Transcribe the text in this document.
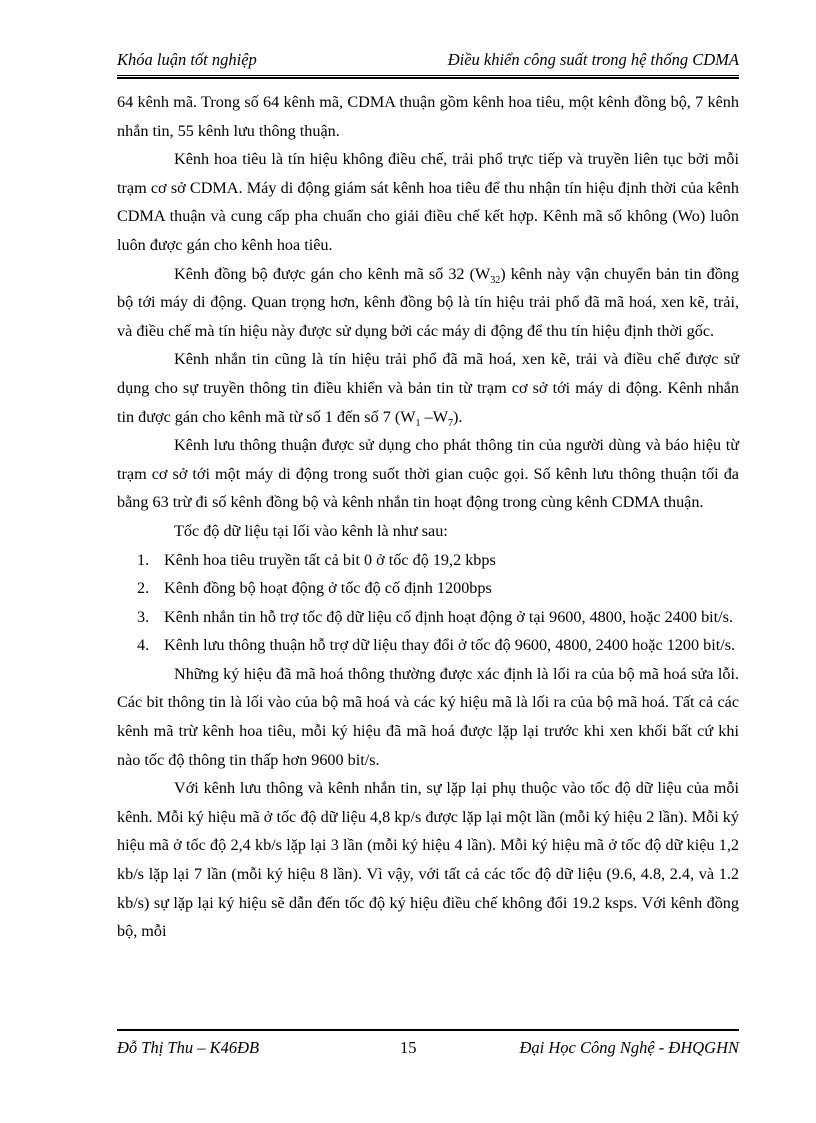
Khóa luận tốt nghiệp	Điều khiển công suất trong hệ thống CDMA

64 kênh mã. Trong số 64 kênh mã, CDMA thuận gồm kênh hoa tiêu, một kênh đồng bộ, 7 kênh nhắn tin, 55 kênh lưu thông thuận.

Kênh hoa tiêu là tín hiệu không điều chế, trải phổ trực tiếp và truyền liên tục bởi mỗi trạm cơ sở CDMA. Máy di động giám sát kênh hoa tiêu để thu nhận tín hiệu định thời của kênh CDMA thuận và cung cấp pha chuẩn cho giải điều chế kết hợp. Kênh mã số không (Wo) luôn luôn được gán cho kênh hoa tiêu.

Kênh đồng bộ được gán cho kênh mã số 32 $(W_{32})$ kênh này vận chuyển bản tin đồng bộ tới máy di động. Quan trọng hơn, kênh đồng bộ là tín hiệu trải phổ đã mã hoá, xen kẽ, trải, và điều chế mà tín hiệu này được sử dụng bởi các máy di động để thu tín hiệu định thời gốc.

Kênh nhắn tin cũng là tín hiệu trải phổ đã mã hoá, xen kẽ, trải và điều chế được sử dụng cho sự truyền thông tin điều khiển và bản tin từ trạm cơ sở tới máy di động. Kênh nhắn tin được gán cho kênh mã từ số 1 đến số 7 ($W_1$ $-W_7$).

Kênh lưu thông thuận được sử dụng cho phát thông tin của người dùng và báo hiệu từ trạm cơ sở tới một máy di động trong suốt thời gian cuộc gọi. Số kênh lưu thông thuận tối đa bằng 63 trừ đi số kênh đồng bộ và kênh nhắn tin hoạt động trong cùng kênh CDMA thuận.

Tốc độ dữ liệu tại lối vào kênh là như sau:

1. Kênh hoa tiêu truyền tất cả bit 0 ở tốc độ 19,2 kbps
2. Kênh đồng bộ hoạt động ở tốc độ cố định 1200bps
3. Kênh nhắn tin hỗ trợ tốc độ dữ liệu cố định hoạt động ở tại 9600, 4800, hoặc 2400 bit/s.
4. Kênh lưu thông thuận hỗ trợ dữ liệu thay đổi ở tốc độ 9600, 4800, 2400 hoặc 1200 bit/s.

Những ký hiệu đã mã hoá thông thường được xác định là lối ra của bộ mã hoá sửa lỗi. Các bit thông tin là lối vào của bộ mã hoá và các ký hiệu mã là lối ra của bộ mã hoá. Tất cả các kênh mã trừ kênh hoa tiêu, mỗi ký hiệu đã mã hoá được lặp lại trước khi xen khối bất cứ khi nào tốc độ thông tin thấp hơn 9600 bit/s.

Với kênh lưu thông và kênh nhắn tin, sự lặp lại phụ thuộc vào tốc độ dữ liệu của mỗi kênh. Mỗi ký hiệu mã ở tốc độ dữ liệu 4,8 kp/s được lặp lại một lần (mỗi ký hiệu 2 lần). Mỗi ký hiệu mã ở tốc độ 2,4 kb/s lặp lại 3 lần (mỗi ký hiệu 4 lần). Mỗi ký hiệu mã ở tốc độ dữ kiệu 1,2 kb/s lặp lại 7 lần (mỗi ký hiệu 8 lần). Vì vậy, với tất cả các tốc độ dữ liệu (9.6, 4.8, 2.4, và 1.2 kb/s) sự lặp lại ký hiệu sẽ dẫn đến tốc độ ký hiệu điều chế không đổi 19.2 ksps. Với kênh đồng bộ, mỗi

Đỗ Thị Thu – K46ĐB	15	Đại Học Công Nghệ - ĐHQGHN
